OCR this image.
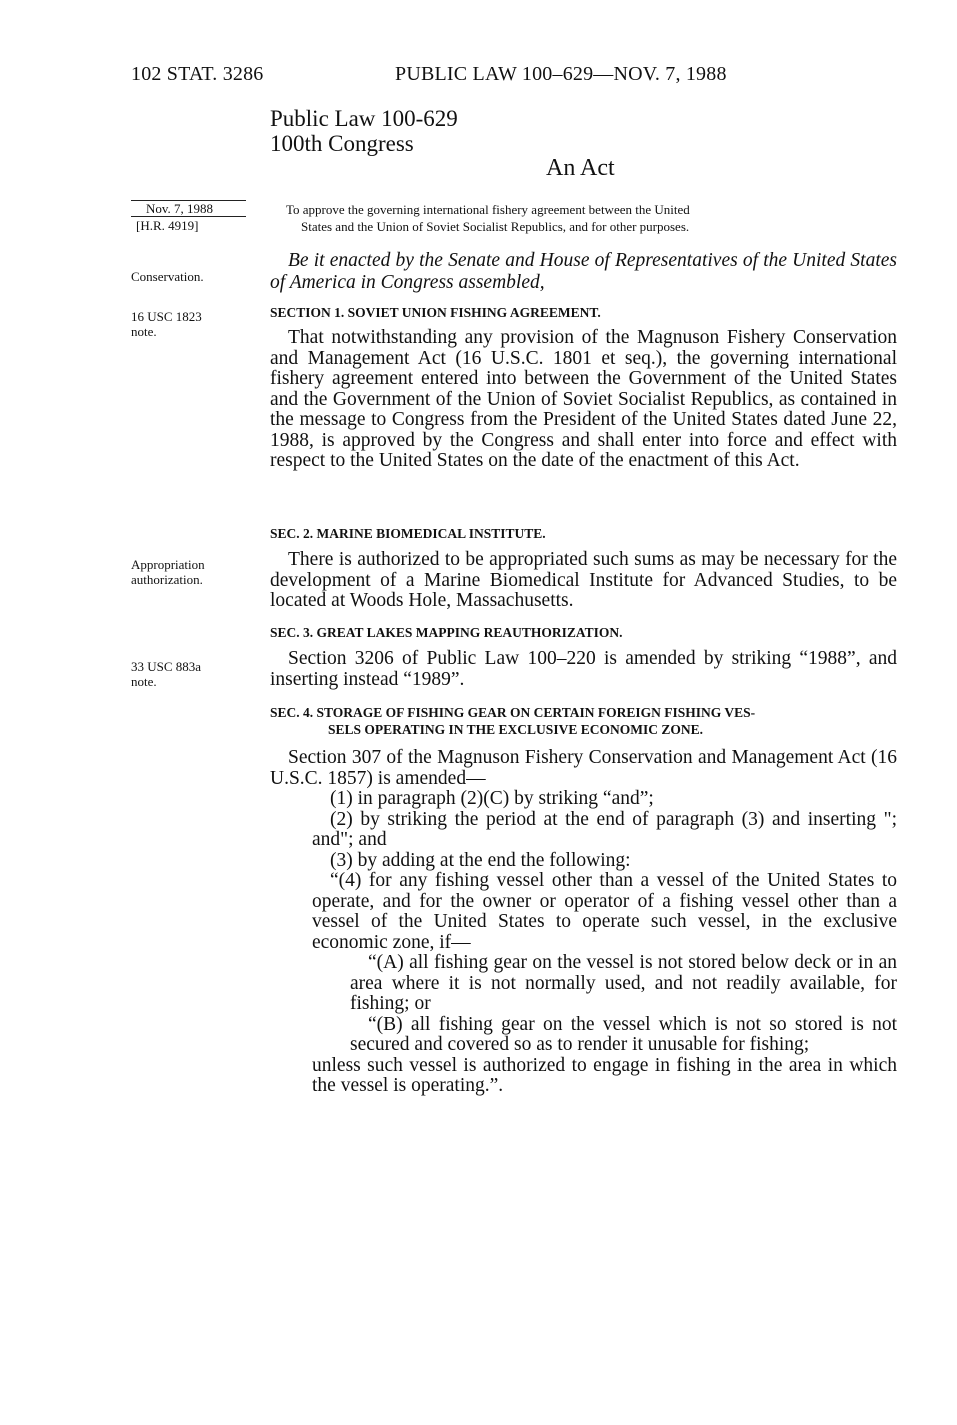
102 STAT. 3286	PUBLIC LAW 100–629—NOV. 7, 1988
Public Law 100-629
100th Congress
An Act
Nov. 7, 1988
[H.R. 4919]
Conservation.
16 USC 1823
note.
Appropriation
authorization.
33 USC 883a
note.
To approve the governing international fishery agreement between the United
States and the Union of Soviet Socialist Republics, and for other purposes.
Be it enacted by the Senate and House of Representatives of the United States of America in Congress assembled,
SECTION 1. SOVIET UNION FISHING AGREEMENT.

That notwithstanding any provision of the Magnuson Fishery Conservation and Management Act (16 U.S.C. 1801 et seq.), the governing international fishery agreement entered into between the Government of the United States and the Government of the Union of Soviet Socialist Republics, as contained in the message to Congress from the President of the United States dated June 22, 1988, is approved by the Congress and shall enter into force and effect with respect to the United States on the date of the enactment of this Act.

SEC. 2. MARINE BIOMEDICAL INSTITUTE.

There is authorized to be appropriated such sums as may be necessary for the development of a Marine Biomedical Institute for Advanced Studies, to be located at Woods Hole, Massachusetts.

SEC. 3. GREAT LAKES MAPPING REAUTHORIZATION.

Section 3206 of Public Law 100–220 is amended by striking “1988”, and inserting instead “1989”.

SEC. 4. STORAGE OF FISHING GEAR ON CERTAIN FOREIGN FISHING VES-
SELS OPERATING IN THE EXCLUSIVE ECONOMIC ZONE.

Section 307 of the Magnuson Fishery Conservation and Management Act (16 U.S.C. 1857) is amended—

(1) in paragraph (2)(C) by striking “and”;

(2) by striking the period at the end of paragraph (3) and inserting "; and"; and

(3) by adding at the end the following:

“(4) for any fishing vessel other than a vessel of the United States to operate, and for the owner or operator of a fishing vessel other than a vessel of the United States to operate such vessel, in the exclusive economic zone, if—

“(A) all fishing gear on the vessel is not stored below deck or in an area where it is not normally used, and not readily available, for fishing; or

“(B) all fishing gear on the vessel which is not so stored is not secured and covered so as to render it unusable for fishing;

unless such vessel is authorized to engage in fishing in the area in which the vessel is operating.”.
